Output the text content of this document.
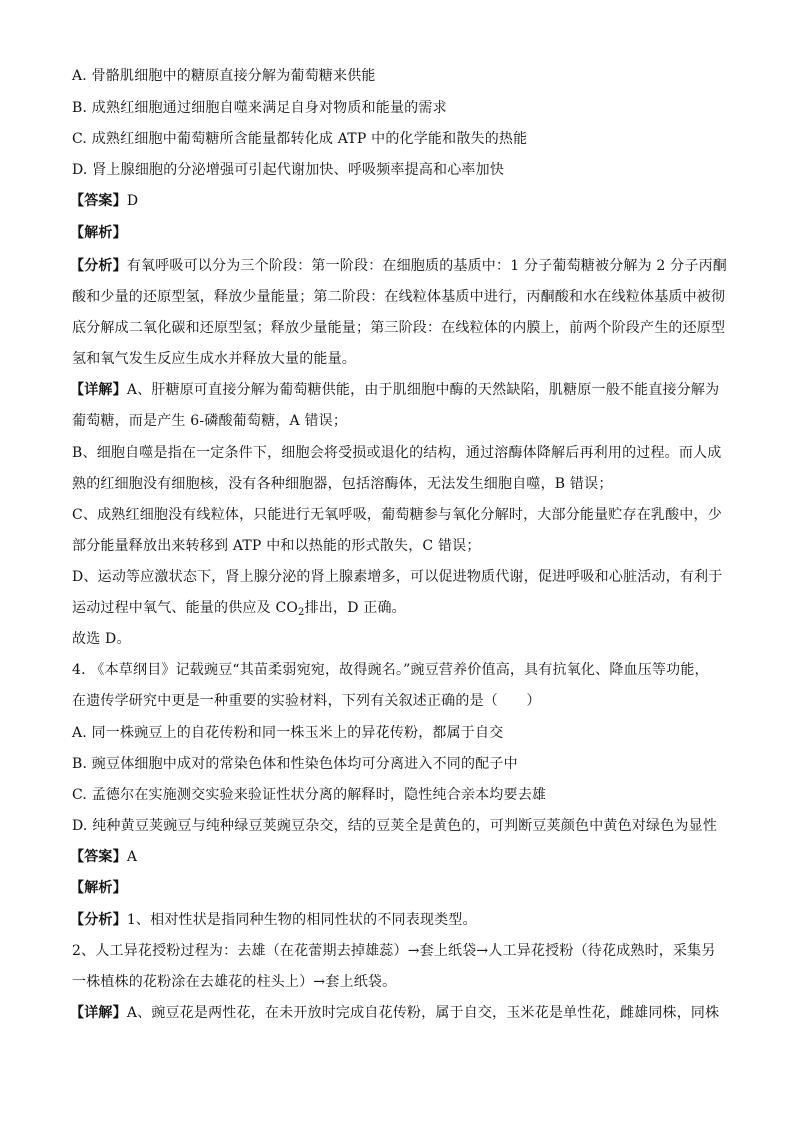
A. 骨骼肌细胞中的糖原直接分解为葡萄糖来供能
B. 成熟红细胞通过细胞自噬来满足自身对物质和能量的需求
C. 成熟红细胞中葡萄糖所含能量都转化成 ATP 中的化学能和散失的热能
D. 肾上腺细胞的分泌增强可引起代谢加快、呼吸频率提高和心率加快
【答案】D
【解析】
【分析】有氧呼吸可以分为三个阶段：第一阶段：在细胞质的基质中：1 分子葡萄糖被分解为 2 分子丙酮
酸和少量的还原型氢，释放少量能量；第二阶段：在线粒体基质中进行，丙酮酸和水在线粒体基质中被彻
底分解成二氧化碳和还原型氢；释放少量能量；第三阶段：在线粒体的内膜上，前两个阶段产生的还原型
氢和氧气发生反应生成水并释放大量的能量。
【详解】A、肝糖原可直接分解为葡萄糖供能，由于肌细胞中酶的天然缺陷，肌糖原一般不能直接分解为
葡萄糖，而是产生 6-磷酸葡萄糖，A 错误；
B、细胞自噬是指在一定条件下，细胞会将受损或退化的结构，通过溶酶体降解后再利用的过程。而人成
熟的红细胞没有细胞核，没有各种细胞器，包括溶酶体，无法发生细胞自噬，B 错误；
C、成熟红细胞没有线粒体，只能进行无氧呼吸，葡萄糖参与氧化分解时，大部分能量贮存在乳酸中，少
部分能量释放出来转移到 ATP 中和以热能的形式散失，C 错误；
D、运动等应激状态下，肾上腺分泌的肾上腺素增多，可以促进物质代谢，促进呼吸和心脏活动，有利于
运动过程中氧气、能量的供应及 $CO_2$排出，D 正确。
故选 D。
4. 《本草纲目》记载豌豆“其苗柔弱宛宛，故得豌名。”豌豆营养价值高，具有抗氧化、降血压等功能，
在遗传学研究中更是一种重要的实验材料，下列有关叙述正确的是（　　）
A. 同一株豌豆上的自花传粉和同一株玉米上的异花传粉，都属于自交
B. 豌豆体细胞中成对的常染色体和性染色体均可分离进入不同的配子中
C. 孟德尔在实施测交实验来验证性状分离的解释时，隐性纯合亲本均要去雄
D. 纯种黄豆荚豌豆与纯种绿豆荚豌豆杂交，结的豆荚全是黄色的，可判断豆荚颜色中黄色对绿色为显性
【答案】A
【解析】
【分析】1、相对性状是指同种生物的相同性状的不同表现类型。
2、人工异花授粉过程为：去雄（在花蕾期去掉雄蕊）→套上纸袋→人工异花授粉（待花成熟时，采集另
一株植株的花粉涂在去雄花的柱头上）→套上纸袋。
【详解】A、豌豆花是两性花，在未开放时完成自花传粉，属于自交，玉米花是单性花，雌雄同株，同株
